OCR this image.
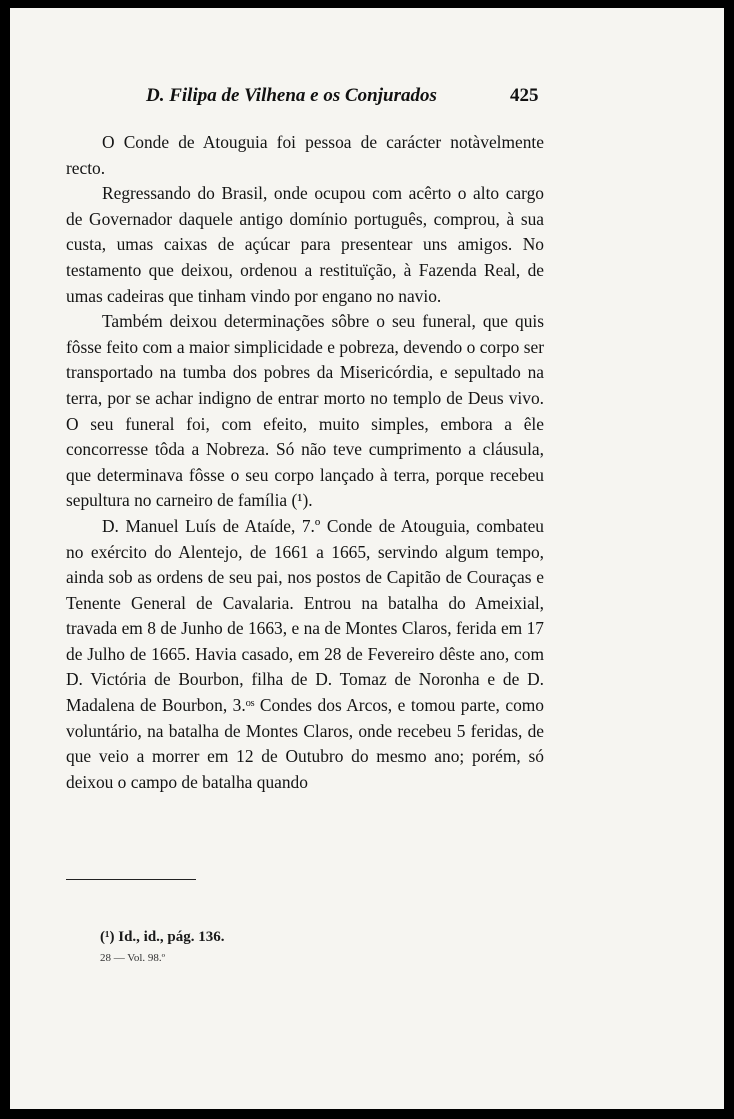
D. Filipa de Vilhena e os Conjurados	425

O Conde de Atouguia foi pessoa de carácter notàvelmente recto.

Regressando do Brasil, onde ocupou com acêrto o alto cargo de Governador daquele antigo domínio português, comprou, à sua custa, umas caixas de açúcar para presentear uns amigos. No testamento que deixou, ordenou a restituïção, à Fazenda Real, de umas cadeiras que tinham vindo por engano no navio.

Também deixou determinações sôbre o seu funeral, que quis fôsse feito com a maior simplicidade e pobreza, devendo o corpo ser transportado na tumba dos pobres da Misericórdia, e sepultado na terra, por se achar indigno de entrar morto no templo de Deus vivo. O seu funeral foi, com efeito, muito simples, embora a êle concorresse tôda a Nobreza. Só não teve cumprimento a cláusula, que determinava fôsse o seu corpo lançado à terra, porque recebeu sepultura no carneiro de família (¹).

D. Manuel Luís de Ataíde, 7.º Conde de Atouguia, combateu no exército do Alentejo, de 1661 a 1665, servindo algum tempo, ainda sob as ordens de seu pai, nos postos de Capitão de Couraças e Tenente General de Cavalaria. Entrou na batalha do Ameixial, travada em 8 de Junho de 1663, e na de Montes Claros, ferida em 17 de Julho de 1665. Havia casado, em 28 de Fevereiro dêste ano, com D. Victória de Bourbon, filha de D. Tomaz de Noronha e de D. Madalena de Bourbon, 3.ᵒˢ Condes dos Arcos, e tomou parte, como voluntário, na batalha de Montes Claros, onde recebeu 5 feridas, de que veio a morrer em 12 de Outubro do mesmo ano; porém, só deixou o campo de batalha quando

(¹) Id., id., pág. 136.
28 — Vol. 98.º
